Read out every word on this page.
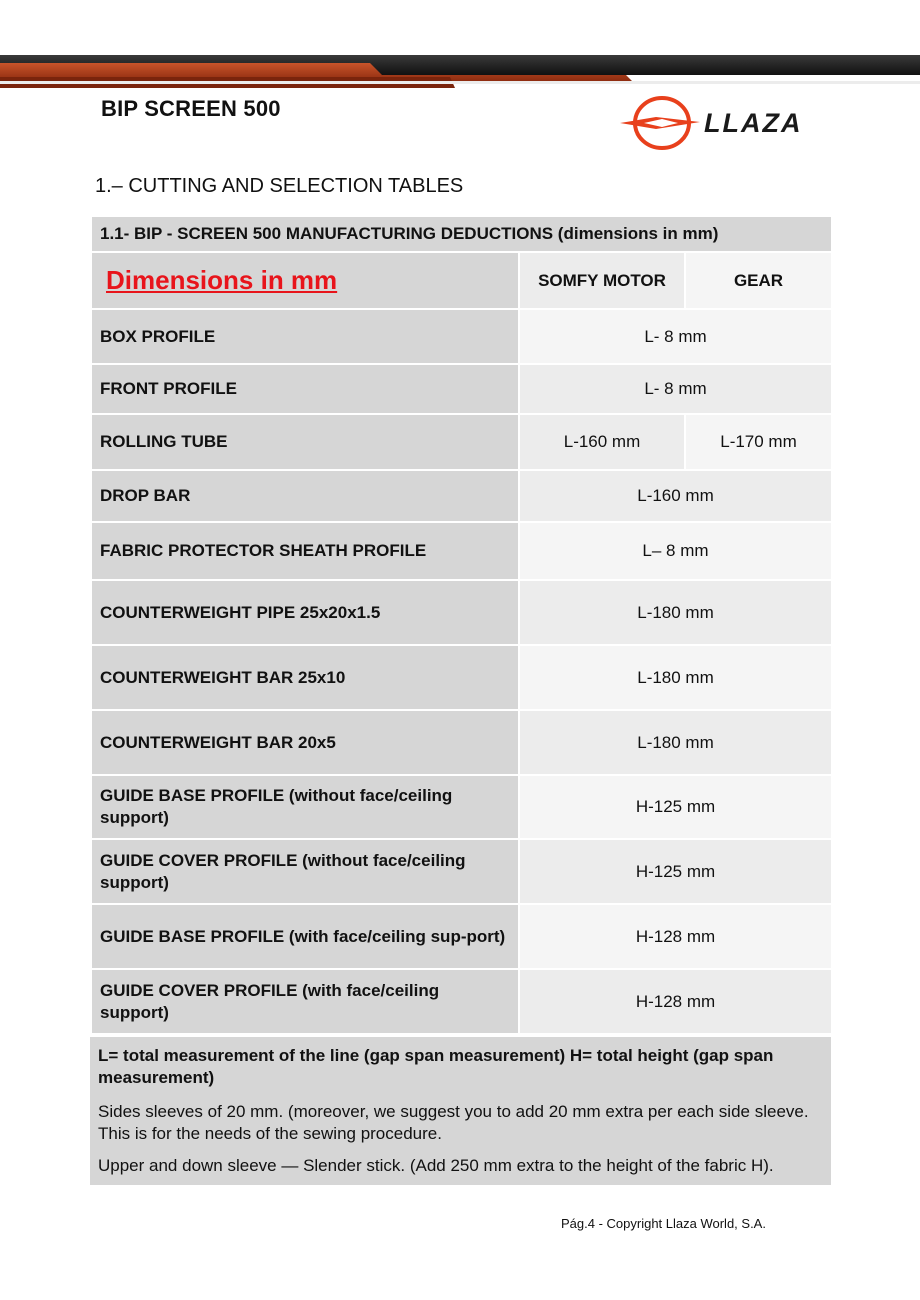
BIP SCREEN 500	LLAZA
1.– CUTTING AND SELECTION TABLES
1.1- BIP - SCREEN 500 MANUFACTURING DEDUCTIONS (dimensions in mm)		
Dimensions in mm	SOMFY MOTOR	GEAR
BOX PROFILE	L- 8 mm	
FRONT PROFILE	L- 8 mm	
ROLLING TUBE	L-160 mm	L-170 mm
DROP BAR	L-160 mm	
FABRIC PROTECTOR SHEATH PROFILE	L– 8 mm	
COUNTERWEIGHT PIPE 25x20x1.5	L-180 mm	
COUNTERWEIGHT BAR 25x10	L-180 mm	
COUNTERWEIGHT BAR 20x5	L-180 mm	
GUIDE BASE PROFILE (without face/ceiling support)	H-125 mm	
GUIDE COVER PROFILE (without face/ceiling support)	H-125 mm	
GUIDE BASE PROFILE (with face/ceiling sup-port)	H-128 mm	
GUIDE COVER PROFILE (with face/ceiling support)	H-128 mm	

L= total measurement of the line (gap span measurement) H= total height (gap span measurement)

Sides sleeves of 20 mm. (moreover, we suggest you to add 20 mm extra per each side sleeve. This is for the needs of the sewing procedure.

Upper and down sleeve — Slender stick. (Add 250 mm extra to the height of the fabric H).

Pág.4 - Copyright Llaza World, S.A.
